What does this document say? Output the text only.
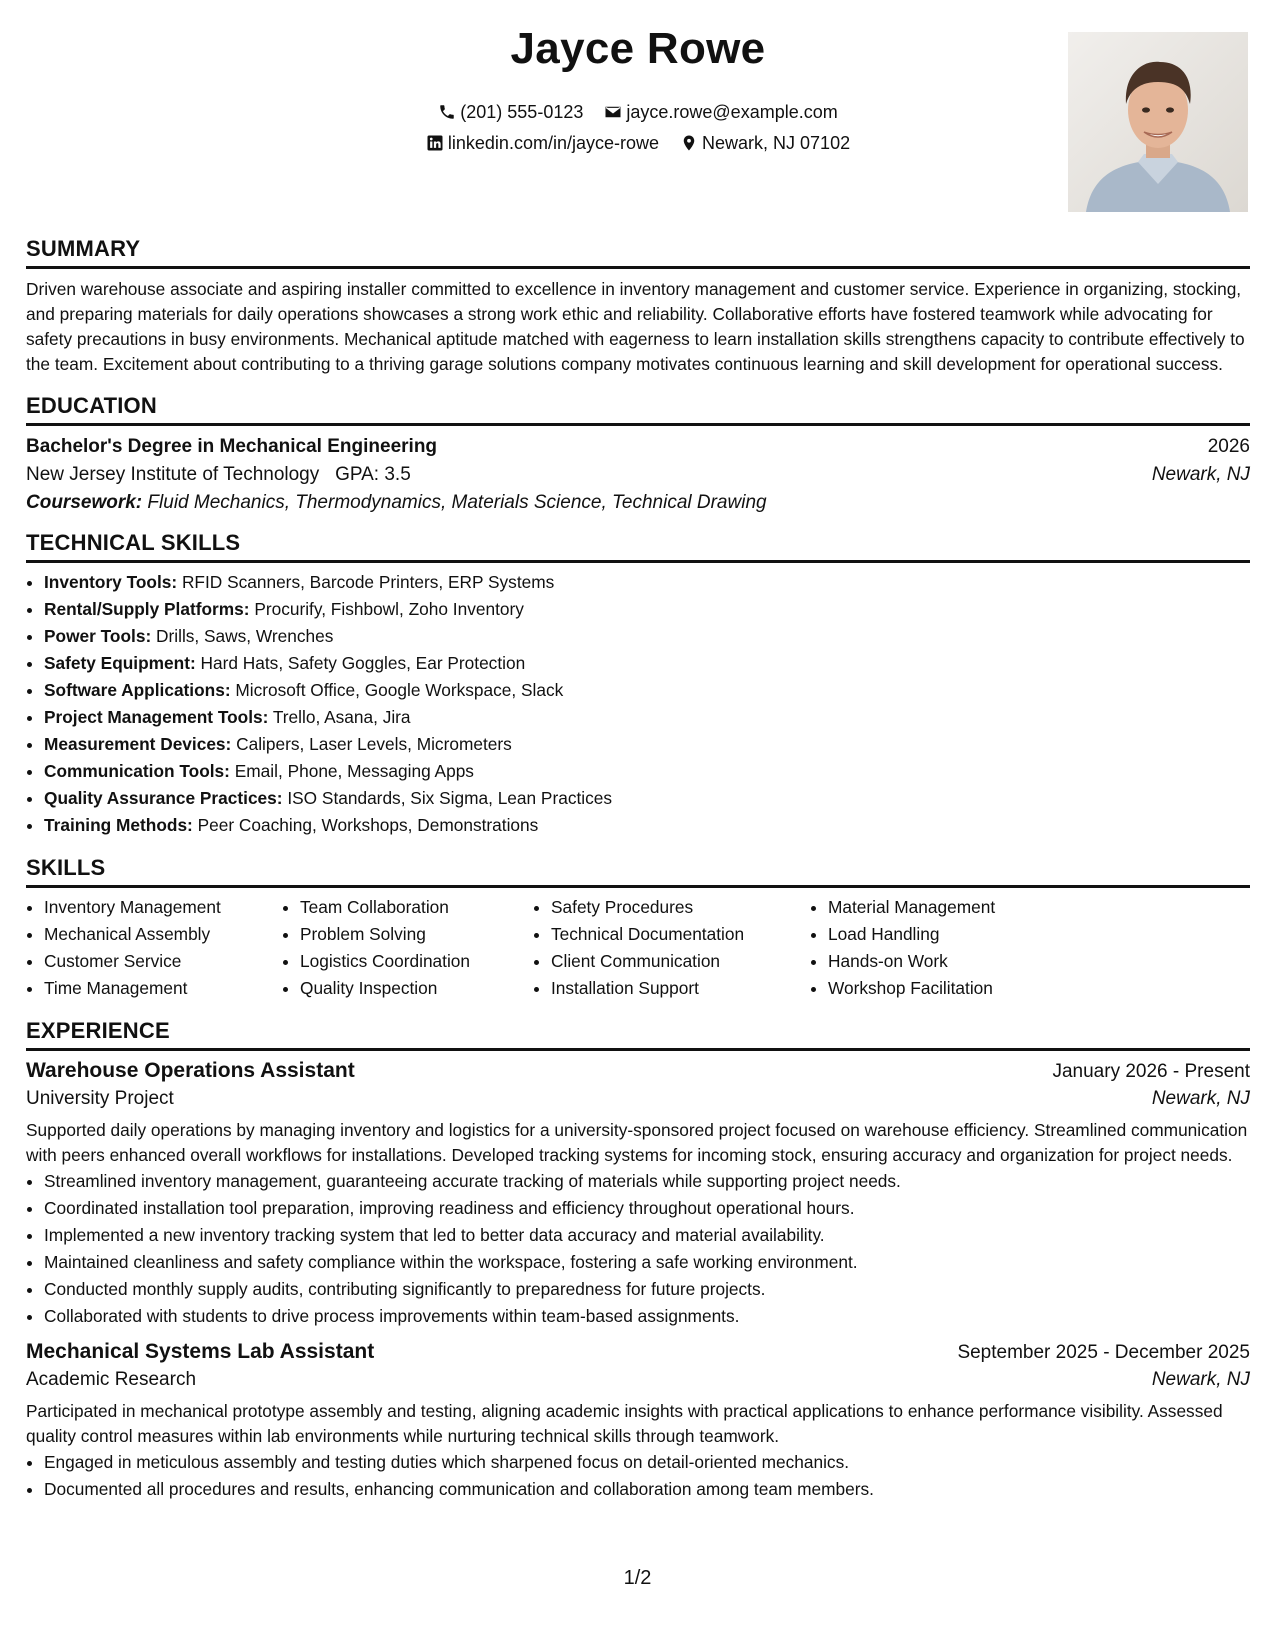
Jayce Rowe
(201) 555-0123
jayce.rowe@example.com
linkedin.com/in/jayce-rowe
Newark, NJ 07102
SUMMARY

Driven warehouse associate and aspiring installer committed to excellence in inventory management and customer service. Experience in organizing, stocking, and preparing materials for daily operations showcases a strong work ethic and reliability. Collaborative efforts have fostered teamwork while advocating for safety precautions in busy environments. Mechanical aptitude matched with eagerness to learn installation skills strengthens capacity to contribute effectively to the team. Excitement about contributing to a thriving garage solutions company motivates continuous learning and skill development for operational success.

EDUCATION
Bachelor's Degree in Mechanical Engineering	2026
New Jersey Institute of Technology GPA: 3.5	Newark, NJ
Coursework: Fluid Mechanics, Thermodynamics, Materials Science, Technical Drawing
TECHNICAL SKILLS
• Inventory Tools: RFID Scanners, Barcode Printers, ERP Systems
• Rental/Supply Platforms: Procurify, Fishbowl, Zoho Inventory
• Power Tools: Drills, Saws, Wrenches
• Safety Equipment: Hard Hats, Safety Goggles, Ear Protection
• Software Applications: Microsoft Office, Google Workspace, Slack
• Project Management Tools: Trello, Asana, Jira
• Measurement Devices: Calipers, Laser Levels, Micrometers
• Communication Tools: Email, Phone, Messaging Apps
• Quality Assurance Practices: ISO Standards, Six Sigma, Lean Practices
• Training Methods: Peer Coaching, Workshops, Demonstrations
SKILLS
• Inventory Management
• Mechanical Assembly
• Customer Service
• Time Management
• Team Collaboration
• Problem Solving
• Logistics Coordination
• Quality Inspection
• Safety Procedures
• Technical Documentation
• Client Communication
• Installation Support
• Material Management
• Load Handling
• Hands-on Work
• Workshop Facilitation
EXPERIENCE
Warehouse Operations Assistant	January 2026 - Present
University Project	Newark, NJ

Supported daily operations by managing inventory and logistics for a university-sponsored project focused on warehouse efficiency. Streamlined communication with peers enhanced overall workflows for installations. Developed tracking systems for incoming stock, ensuring accuracy and organization for project needs.

• Streamlined inventory management, guaranteeing accurate tracking of materials while supporting project needs.
• Coordinated installation tool preparation, improving readiness and efficiency throughout operational hours.
• Implemented a new inventory tracking system that led to better data accuracy and material availability.
• Maintained cleanliness and safety compliance within the workspace, fostering a safe working environment.
• Conducted monthly supply audits, contributing significantly to preparedness for future projects.
• Collaborated with students to drive process improvements within team-based assignments.
Mechanical Systems Lab Assistant	September 2025 - December 2025
Academic Research	Newark, NJ

Participated in mechanical prototype assembly and testing, aligning academic insights with practical applications to enhance performance visibility. Assessed quality control measures within lab environments while nurturing technical skills through teamwork.

• Engaged in meticulous assembly and testing duties which sharpened focus on detail-oriented mechanics.
• Documented all procedures and results, enhancing communication and collaboration among team members.
1/2
